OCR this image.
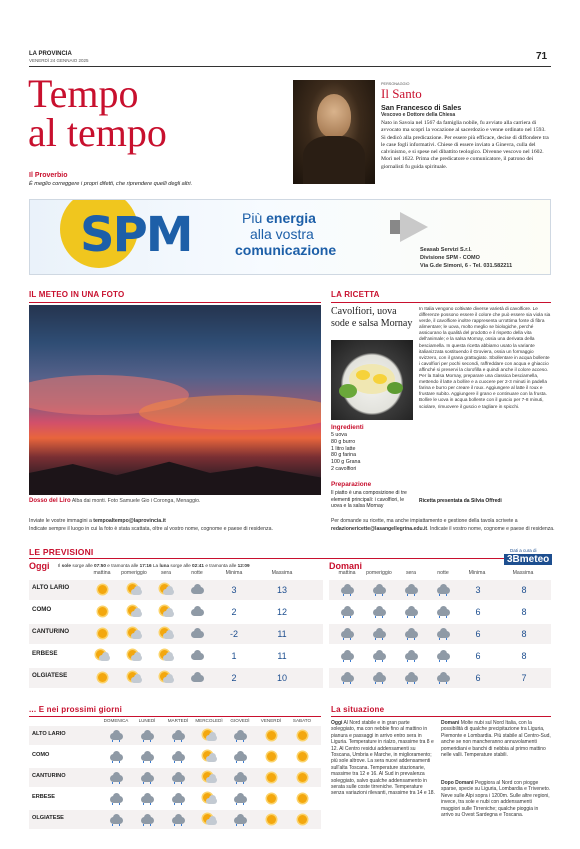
LA PROVINCIA
VENERDÌ 24 GENNAIO 2025	71
Tempo
al tempo
Il Proverbio
È meglio correggere i propri difetti, che riprendere quelli degli altri.
PERSONAGGIO
Il Santo
San Francesco di Sales
Vescovo e Dottore della Chiesa
Nato in Savoia nel 1567 da famiglia nobile, fu avviato alla carriera di avvocato ma scoprì la vocazione al sacerdozio e venne ordinato nel 1593. Si dedicò alla predicazione. Per essere più efficace, decise di diffondere tra le case fogli informativi. Chiese di essere inviato a Ginevra, culla del calvinismo, e si spese nel dibattito teologico. Divenne vescovo nel 1602. Morì nel 1622. Prima che predicatore e comunicatore, il patrono dei giornalisti fu guida spirituale.
SPM	Più energia
alla vostra
comunicazione	Seasab Servizi S.r.l.
Divisione SPM - COMO
Via G.de Simoni, 6 - Tel. 031.582211
IL METEO IN UNA FOTO
Dosso del Liro Alba dai monti. Foto Samuele Gio i Coronga, Menaggio.
Inviate le vostre immagini a tempoaltempo@laprovincia.it
Indicate sempre il luogo in cui la foto è stata scattata, oltre al vostro nome, cognome e paese di residenza.
LA RICETTA
Cavolfiori, uova sode e salsa Mornay
Ingredienti
5 uova
80 g burro
1 litro latte
80 g farina
100 g Grana
2 cavolfiori
Preparazione
Il piatto è una composizione di tre elementi principali: i cavolfiori, le uova e la salsa Mornay
In Italia vengono coltivate diverse varietà di cavolfiore. Le differenze possono essere il colore che può essere sia viola sia verde, il cavolfiore inoltre rappresenta un'ottima fonte di fibra alimentare; le uova, molto meglio se biologiche, perché assicurano la qualità del prodotto e il rispetto della vita dell'animale; e la salsa Mornay, ossia una derivata della besciamella. In questa ricetta abbiamo usato la variante italianizzata sostituendo il Groviera, ossia un formaggio svizzero, con il grana grattugiato. Sbollentare in acqua bollente i cavolfiori per pochi secondi, raffreddare con acqua e ghiaccio affinché si preservi la clorofilla e quindi anche il colore acceso. Per la Salsa Mornay, preparare una classica besciamella, mettendo il latte a bollire e a cuocere per 2-3 minuti in padella farina e burro per creare il roux. Aggiungere al latte il roux e frustare subito. Aggiungere il grano e continuare con la frusta. Bollire le uova in acqua bollente con il guscio per 7-8 minuti, sciolare, rimuovere il guscio e tagliare in spicchi.
Ricetta presentata da Silvia Offredi
Per domande su ricette, ma anche impiattamento e gestione della tavola scrivete a
redazionericette@lasangellegrina.edu.it. Indicate il vostro nome, cognome e paese di residenza.
LE PREVISIONI
Oggi Il sole sorge alle 07:50 e tramonta alle 17:16 La luna sorge alle 02:41 e tramonta alle 12:09	Domani
Dati a cura di
3Bmeteo
mattina	pomeriggio	sera	notte	Minima	Massima
ALTO LARIO	3	13
COMO	2	12
CANTURINO	-2	11
ERBESE	1	11
OLGIATESE	2	10
mattina	pomeriggio	sera	notte	Minima	Massima
3	8
6	8
6	8
6	8
6	7
... E nei prossimi giorni
DOMENICA	LUNEDÌ	MARTEDÌ	MERCOLEDÌ	GIOVEDÌ	VENERDÌ	SABATO
ALTO LARIO
COMO
CANTURINO
ERBESE
OLGIATESE
La situazione
Oggi Al Nord stabile e in gran parte soleggiato, ma con nebbie fino al mattino in pianura e passaggi in arrivo entro sera in Liguria. Temperature in rialzo, massime tra 8 e 12. Al Centro residui addensamenti su Toscana, Umbria e Marche, in miglioramento; più sole altrove. La sera nuovi addensamenti sull'alta Toscana. Temperature stazionarie, massime tra 12 e 16. Al Sud in prevalenza soleggiato, salvo qualche addensamento in serata sulle coste tirreniche. Temperature senza variazioni rilevanti, massime tra 14 e 18.
Domani Molte nubi sul Nord Italia, con la possibilità di qualche precipitazione tra Liguria, Piemonte e Lombardia. Più stabile al Centro-Sud, anche se non mancheranno annuvolamenti pomeridiani e banchi di nebbia al primo mattino nelle valli. Temperature stabili.
Dopo Domani Peggiora al Nord con piogge sparse, specie su Liguria, Lombardia e Triveneto. Neve sulle Alpi sopra i 1200m. Sulle altre regioni, invece, tra sole e nubi con addensamenti maggiori sulle Tirreniche; qualche pioggia in arrivo su Ovest Sardegna e Toscana.
